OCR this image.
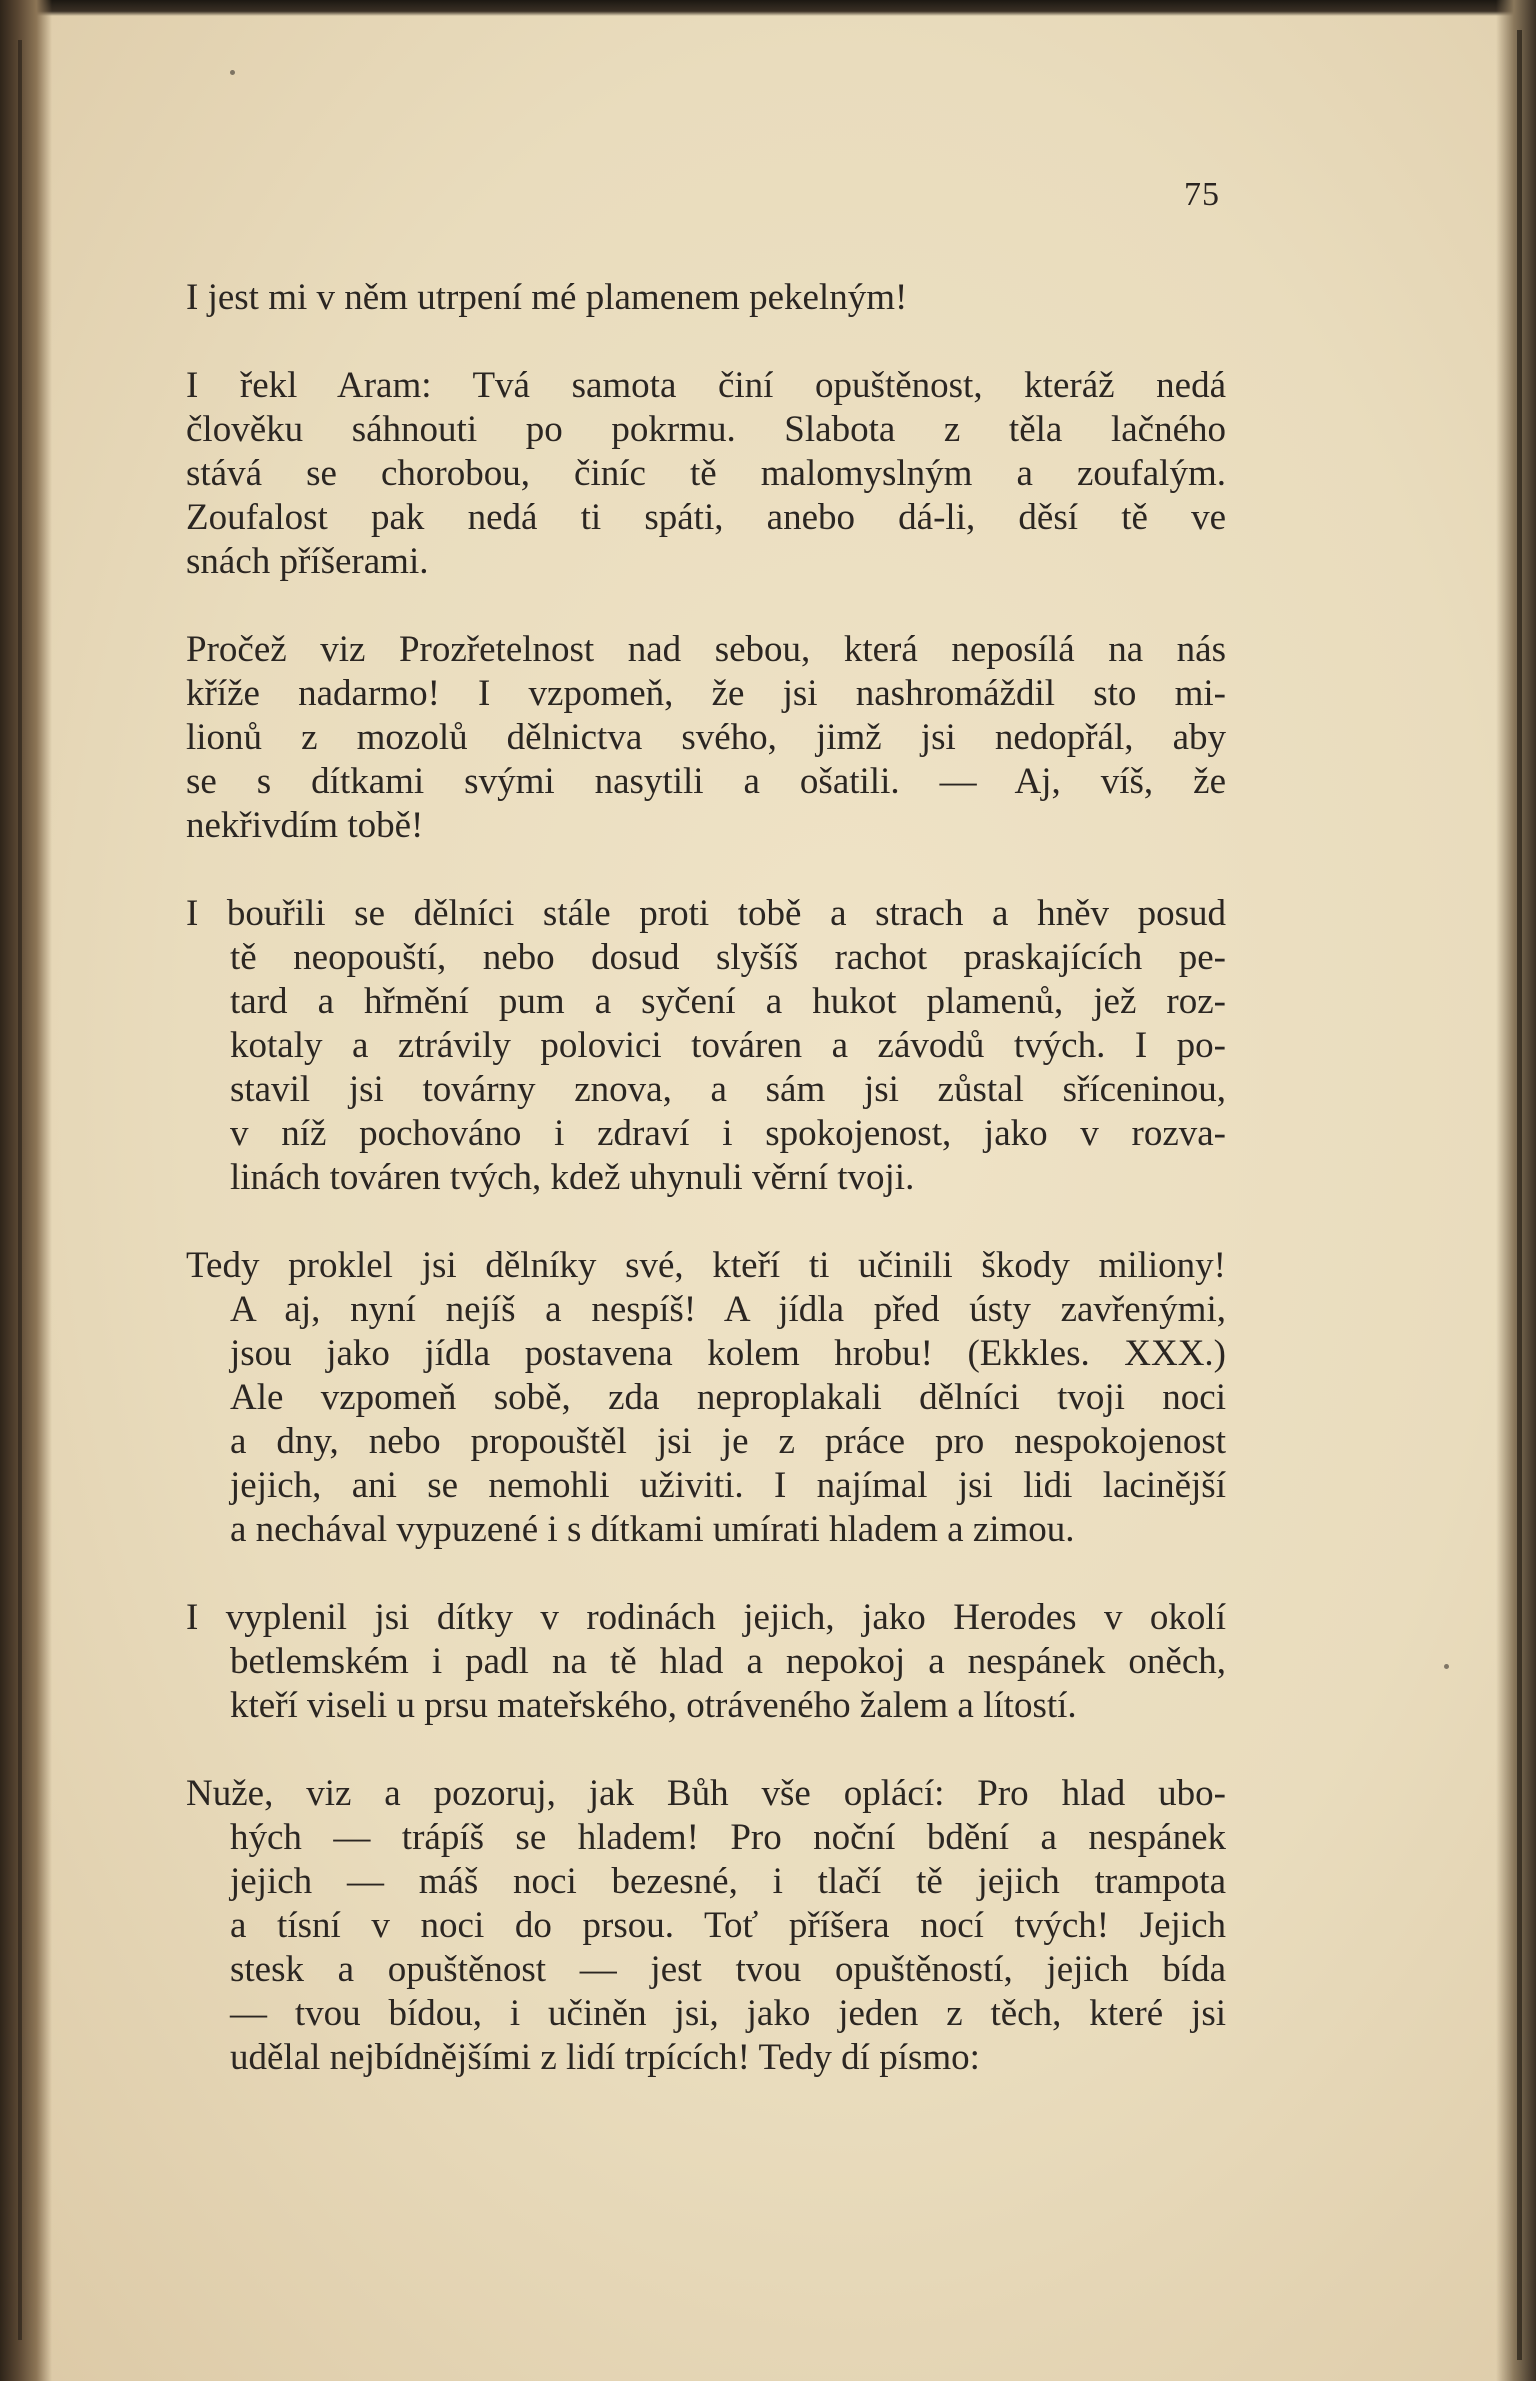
75
I jest mi v něm utrpení mé plamenem pekelným!
I řekl Aram: Tvá samota činí opuštěnost, kteráž nedá
člověku sáhnouti po pokrmu. Slabota z těla lačného
stává se chorobou, činíc tě malomyslným a zoufalým.
Zoufalost pak nedá ti spáti, anebo dá-li, děsí tě ve
snách příšerami.
Pročež viz Prozřetelnost nad sebou, která neposílá na nás
kříže nadarmo! I vzpomeň, že jsi nashromáždil sto mi-
lionů z mozolů dělnictva svého, jimž jsi nedopřál, aby
se s dítkami svými nasytili a ošatili. — Aj, víš, že
nekřivdím tobě!
I bouřili se dělníci stále proti tobě a strach a hněv posud
tě neopouští, nebo dosud slyšíš rachot praskajících pe-
tard a hřmění pum a syčení a hukot plamenů, jež roz-
kotaly a ztrávily polovici továren a závodů tvých. I po-
stavil jsi továrny znova, a sám jsi zůstal sříceninou,
v níž pochováno i zdraví i spokojenost, jako v rozva-
linách továren tvých, kdež uhynuli věrní tvoji.
Tedy proklel jsi dělníky své, kteří ti učinili škody miliony!
A aj, nyní nejíš a nespíš! A jídla před ústy zavřenými,
jsou jako jídla postavena kolem hrobu! (Ekkles. XXX.)
Ale vzpomeň sobě, zda neproplakali dělníci tvoji noci
a dny, nebo propouštěl jsi je z práce pro nespokojenost
jejich, ani se nemohli uživiti. I najímal jsi lidi lacinější
a nechával vypuzené i s dítkami umírati hladem a zimou.
I vyplenil jsi dítky v rodinách jejich, jako Herodes v okolí
betlemském i padl na tě hlad a nepokoj a nespánek oněch,
kteří viseli u prsu mateřského, otráveného žalem a lítostí.
Nuže, viz a pozoruj, jak Bůh vše oplácí: Pro hlad ubo-
hých — trápíš se hladem! Pro noční bdění a nespánek
jejich — máš noci bezesné, i tlačí tě jejich trampota
a tísní v noci do prsou. Toť příšera nocí tvých! Jejich
stesk a opuštěnost — jest tvou opuštěností, jejich bída
— tvou bídou, i učiněn jsi, jako jeden z těch, které jsi
udělal nejbídnějšími z lidí trpících! Tedy dí písmo:
